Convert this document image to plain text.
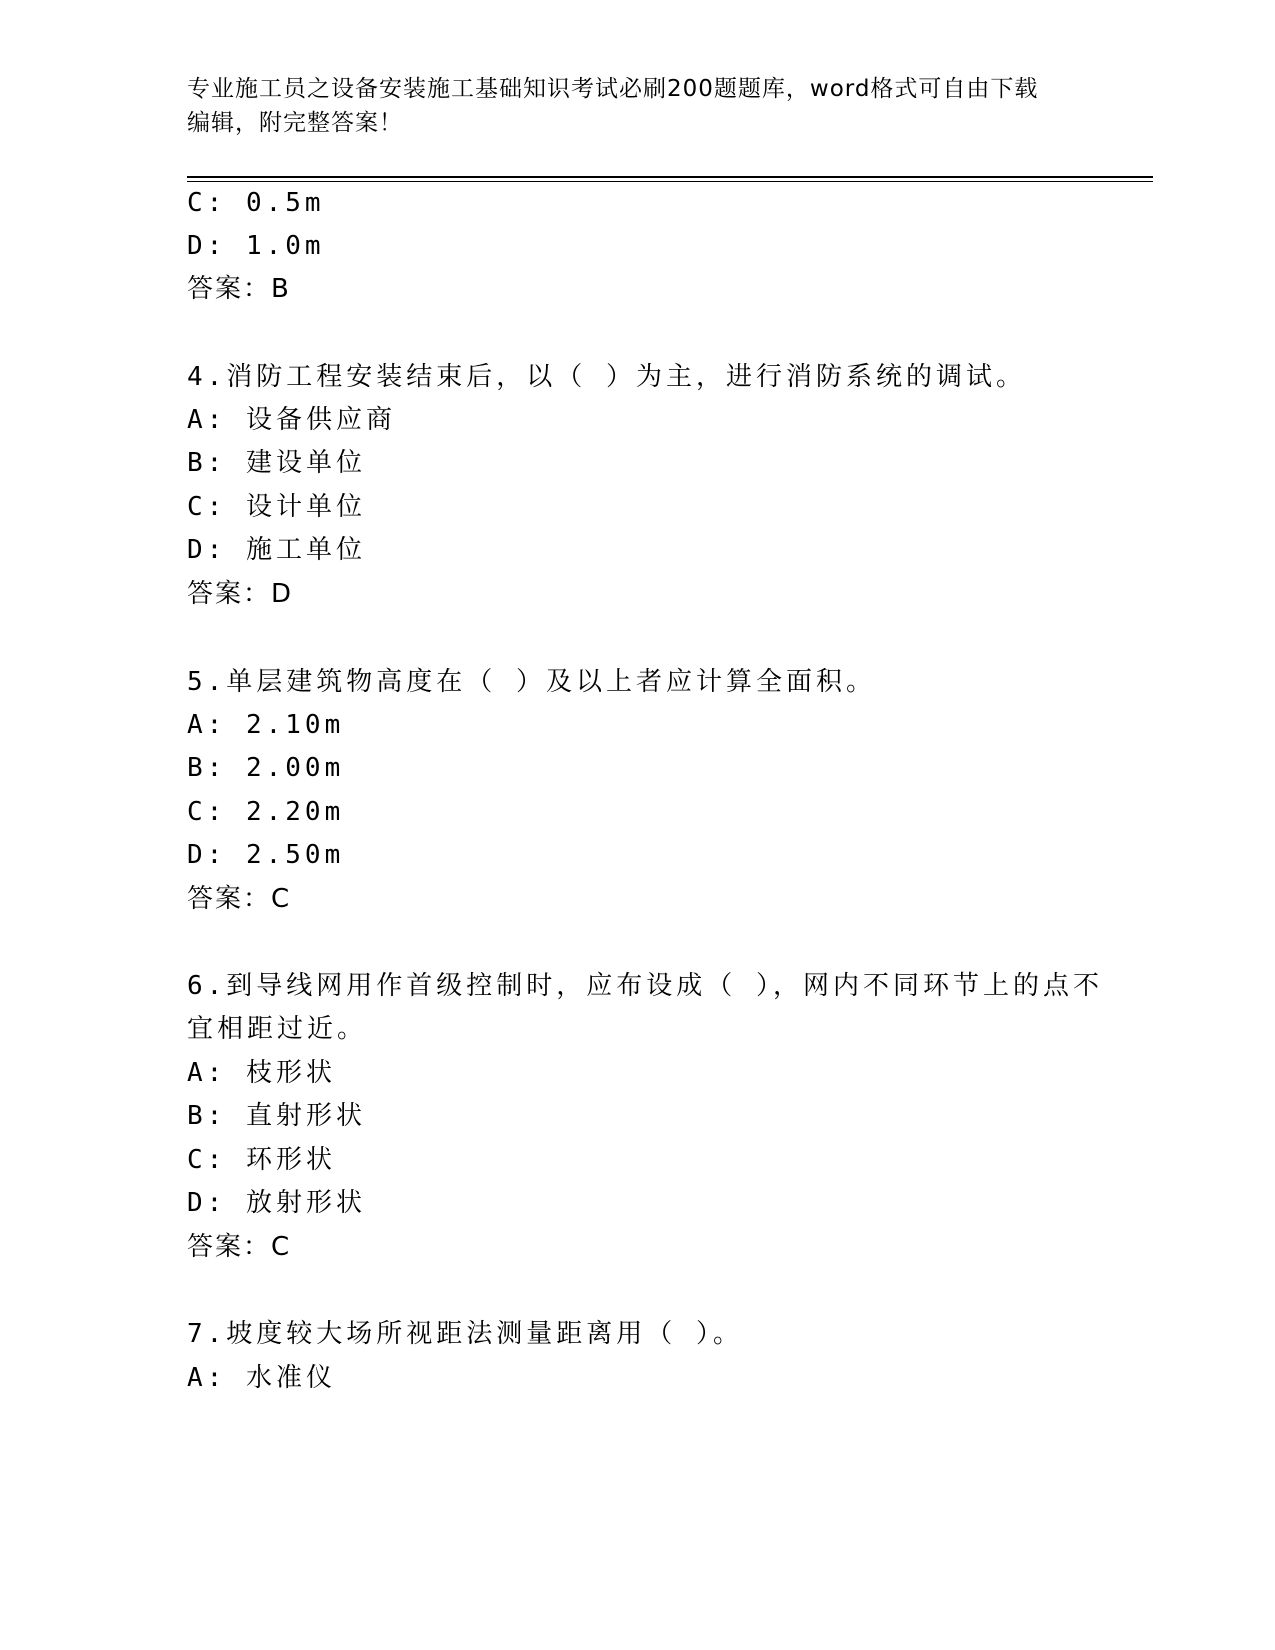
专业施工员之设备安装施工基础知识考试必刷200题题库，word格式可自由下载
编辑，附完整答案！
C: 0.5m
D: 1.0m
答案：B
4.消防工程安装结束后，以（ ）为主，进行消防系统的调试。
A: 设备供应商
B: 建设单位
C: 设计单位
D: 施工单位
答案：D
5.单层建筑物高度在（ ）及以上者应计算全面积。
A: 2.10m
B: 2.00m
C: 2.20m
D: 2.50m
答案：C
6.到导线网用作首级控制时，应布设成（ ），网内不同环节上的点不
宜相距过近。
A: 枝形状
B: 直射形状
C: 环形状
D: 放射形状
答案：C
7.坡度较大场所视距法测量距离用（ ）。
A: 水准仪
